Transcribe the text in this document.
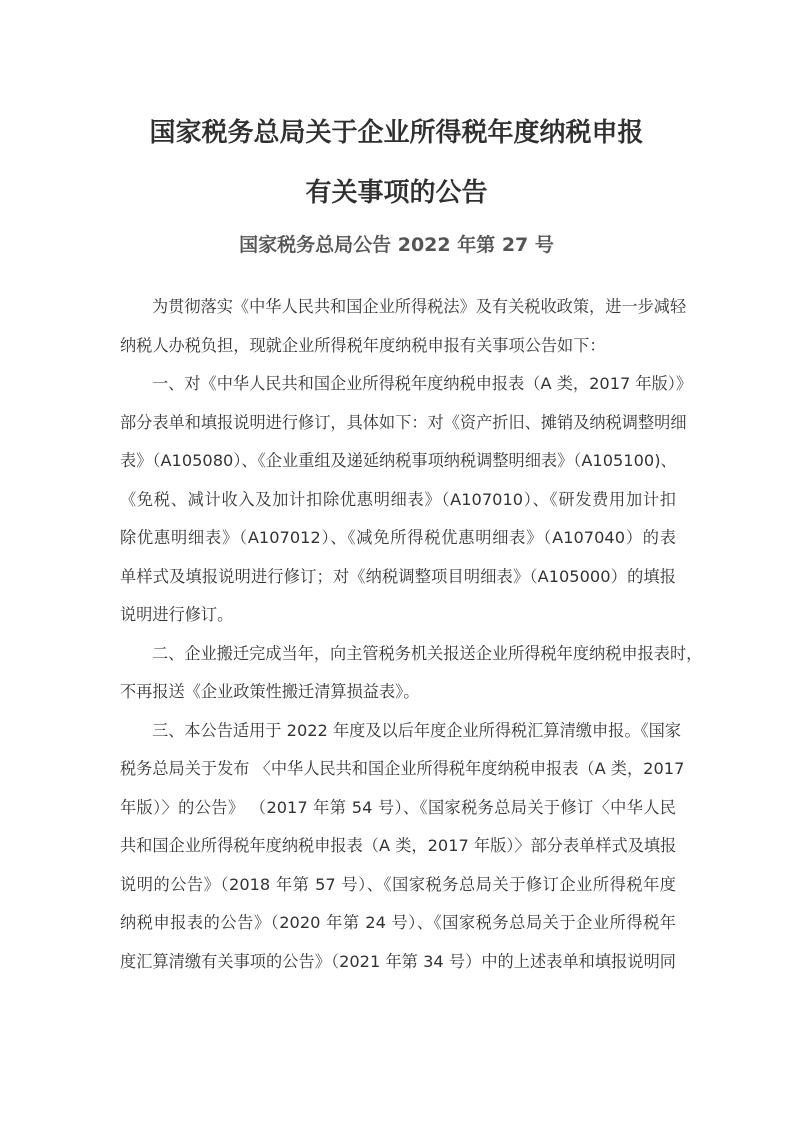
国家税务总局关于企业所得税年度纳税申报
有关事项的公告
国家税务总局公告 2022 年第 27 号
为贯彻落实《中华人民共和国企业所得税法》及有关税收政策，进一步减轻
纳税人办税负担，现就企业所得税年度纳税申报有关事项公告如下：
一、对《中华人民共和国企业所得税年度纳税申报表（A 类，2017 年版）》
部分表单和填报说明进行修订，具体如下：对《资产折旧、摊销及纳税调整明细
表》（A105080）、《企业重组及递延纳税事项纳税调整明细表》（A105100)、
《免税、减计收入及加计扣除优惠明细表》（A107010）、《研发费用加计扣
除优惠明细表》（A107012）、《减免所得税优惠明细表》（A107040）的表
单样式及填报说明进行修订；对《纳税调整项目明细表》（A105000）的填报
说明进行修订。
二、企业搬迁完成当年，向主管税务机关报送企业所得税年度纳税申报表时，
不再报送《企业政策性搬迁清算损益表》。
三、本公告适用于 2022 年度及以后年度企业所得税汇算清缴申报。《国家
税务总局关于发布 〈中华人民共和国企业所得税年度纳税申报表（A 类，2017
年版）〉的公告》 （2017 年第 54 号）、《国家税务总局关于修订〈中华人民
共和国企业所得税年度纳税申报表（A 类，2017 年版）〉部分表单样式及填报
说明的公告》（2018 年第 57 号）、《国家税务总局关于修订企业所得税年度
纳税申报表的公告》（2020 年第 24 号）、《国家税务总局关于企业所得税年
度汇算清缴有关事项的公告》（2021 年第 34 号）中的上述表单和填报说明同
